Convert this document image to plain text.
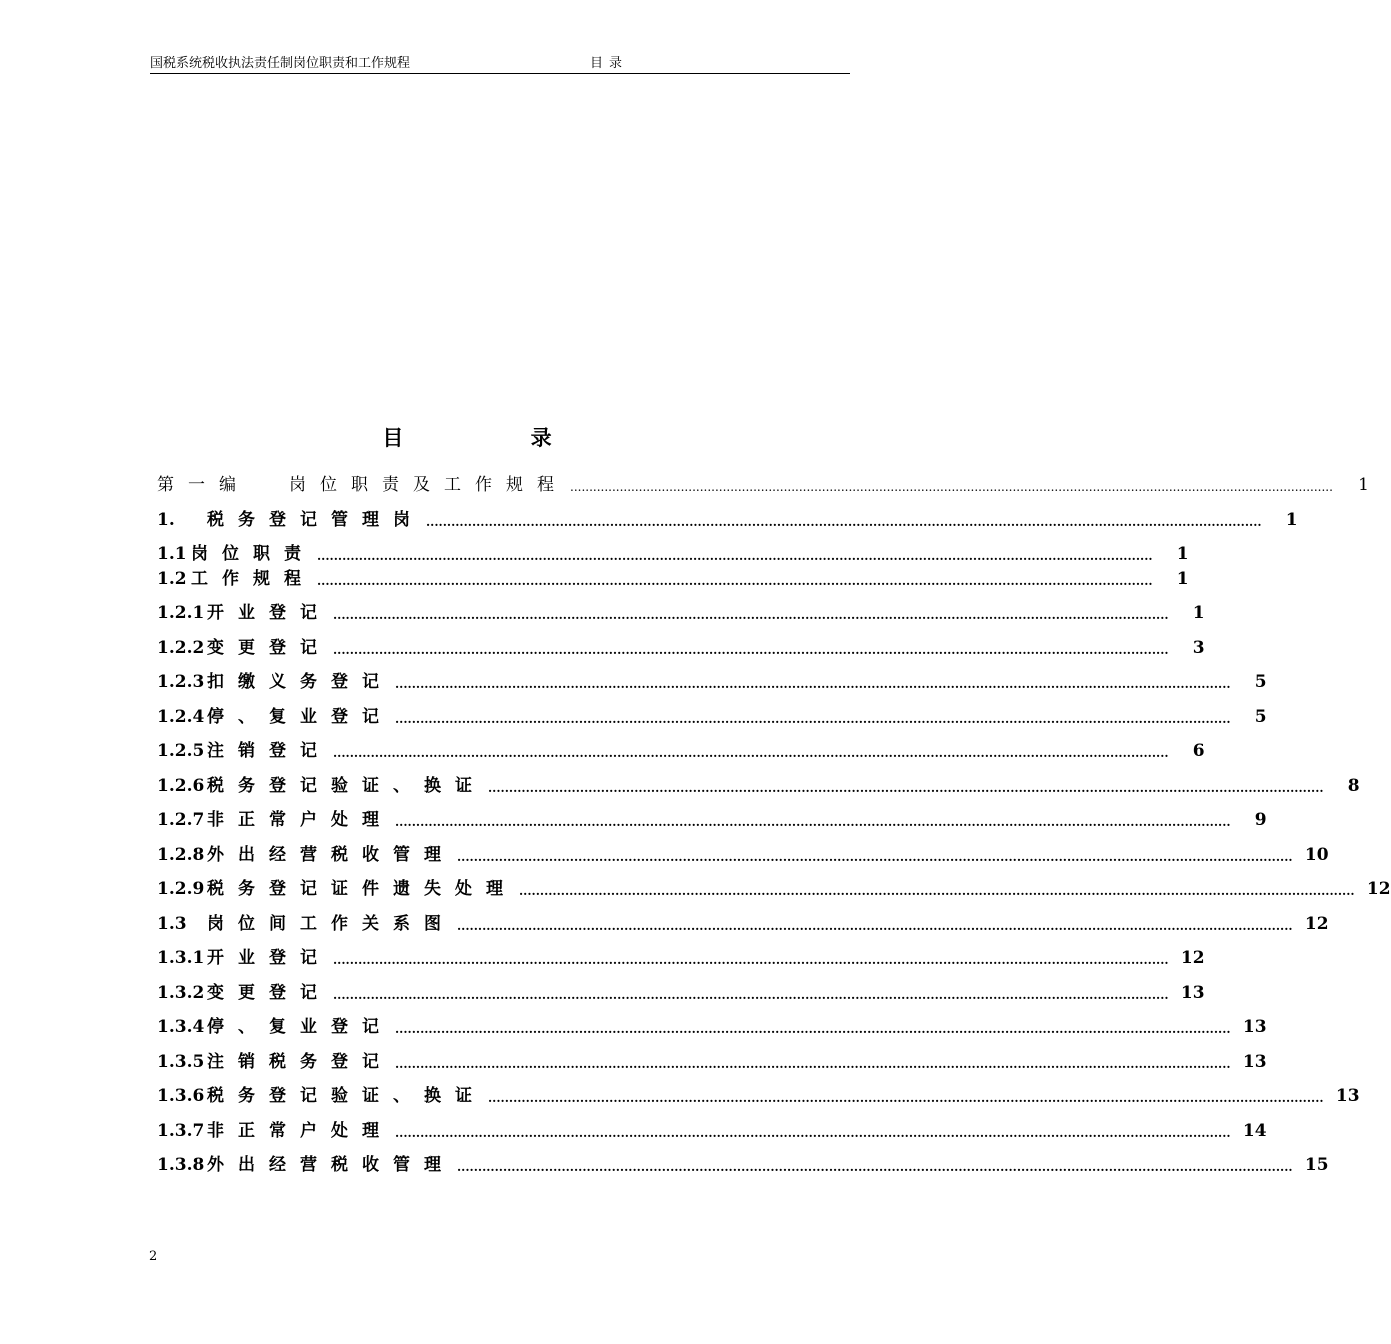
国税系统税收执法责任制岗位职责和工作规程	目录
目 录
第一编	岗位职责及工作规程 ........................................................................................................................................................................................................	1
1.	税务登记管理岗 ........................................................................................................................................................................................................	1
1.1 岗位职责 ........................................................................................................................................................................................................	1
1.2 工作规程 ........................................................................................................................................................................................................	1
1.2.1 开业登记 ........................................................................................................................................................................................................	1
1.2.2 变更登记 ........................................................................................................................................................................................................	3
1.2.3 扣缴义务登记 ........................................................................................................................................................................................................	5
1.2.4 停、复业登记 ........................................................................................................................................................................................................	5
1.2.5 注销登记 ........................................................................................................................................................................................................	6
1.2.6 税务登记验证、换证 ........................................................................................................................................................................................................	8
1.2.7 非正常户处理 ........................................................................................................................................................................................................	9
1.2.8 外出经营税收管理 ........................................................................................................................................................................................................ 10
1.2.9 税务登记证件遗失处理 ........................................................................................................................................................................................................ 12
1.3	岗位间工作关系图 ........................................................................................................................................................................................................ 12
1.3.1 开业登记 ........................................................................................................................................................................................................ 12
1.3.2 变更登记 ........................................................................................................................................................................................................ 13
1.3.4 停、复业登记 ........................................................................................................................................................................................................ 13
1.3.5 注销税务登记 ........................................................................................................................................................................................................ 13
1.3.6 税务登记验证、换证 ........................................................................................................................................................................................................ 13
1.3.7 非正常户处理 ........................................................................................................................................................................................................ 14
1.3.8 外出经营税收管理 ........................................................................................................................................................................................................ 15
2
